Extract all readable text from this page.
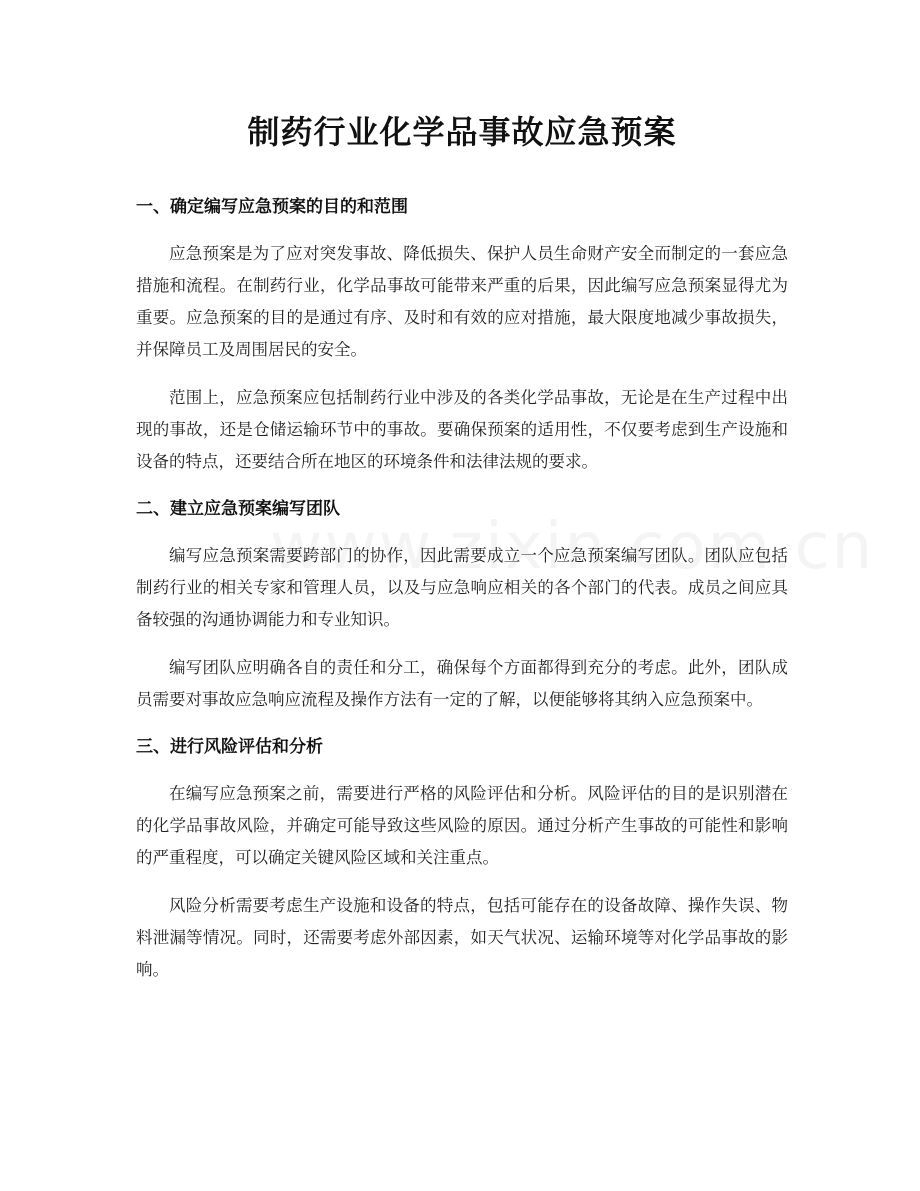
制药行业化学品事故应急预案
一、确定编写应急预案的目的和范围

应急预案是为了应对突发事故、降低损失、保护人员生命财产安全而制定的一套应急措施和流程。在制药行业，化学品事故可能带来严重的后果，因此编写应急预案显得尤为重要。应急预案的目的是通过有序、及时和有效的应对措施，最大限度地减少事故损失，并保障员工及周围居民的安全。

范围上，应急预案应包括制药行业中涉及的各类化学品事故，无论是在生产过程中出现的事故，还是仓储运输环节中的事故。要确保预案的适用性，不仅要考虑到生产设施和设备的特点，还要结合所在地区的环境条件和法律法规的要求。

二、建立应急预案编写团队

编写应急预案需要跨部门的协作，因此需要成立一个应急预案编写团队。团队应包括制药行业的相关专家和管理人员，以及与应急响应相关的各个部门的代表。成员之间应具备较强的沟通协调能力和专业知识。

编写团队应明确各自的责任和分工，确保每个方面都得到充分的考虑。此外，团队成员需要对事故应急响应流程及操作方法有一定的了解，以便能够将其纳入应急预案中。

三、进行风险评估和分析

在编写应急预案之前，需要进行严格的风险评估和分析。风险评估的目的是识别潜在的化学品事故风险，并确定可能导致这些风险的原因。通过分析产生事故的可能性和影响的严重程度，可以确定关键风险区域和关注重点。

风险分析需要考虑生产设施和设备的特点，包括可能存在的设备故障、操作失误、物料泄漏等情况。同时，还需要考虑外部因素，如天气状况、运输环境等对化学品事故的影响。
